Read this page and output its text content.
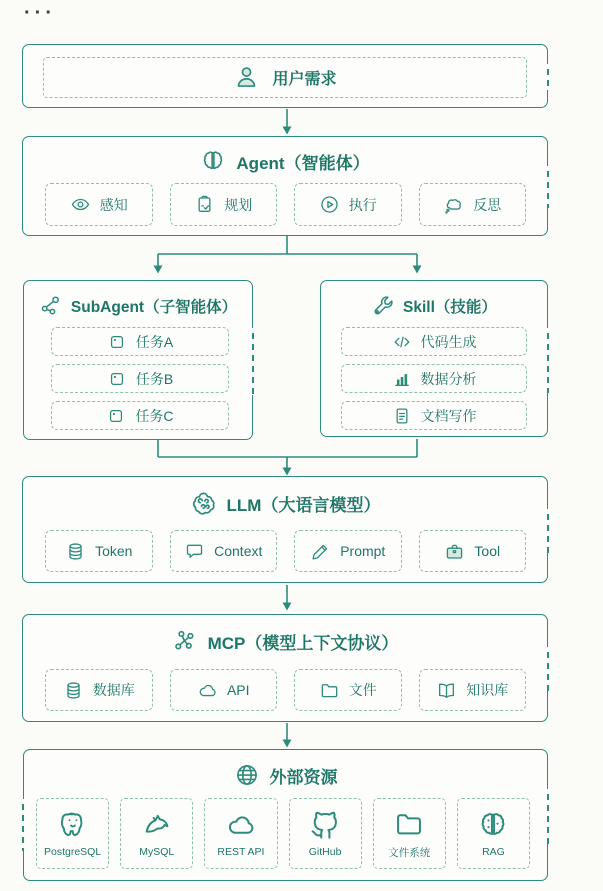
···
用户需求
Agent（智能体）
感知	规划	执行	反思
SubAgent（子智能体）
任务A
任务B
任务C
Skill（技能）
代码生成
数据分析
文档写作
LLM（大语言模型）
Token	Context	Prompt	Tool
MCP（模型上下文协议）
数据库	API	文件	知识库
外部资源
PostgreSQL	MySQL	REST API	GitHub	文件系统	RAG
